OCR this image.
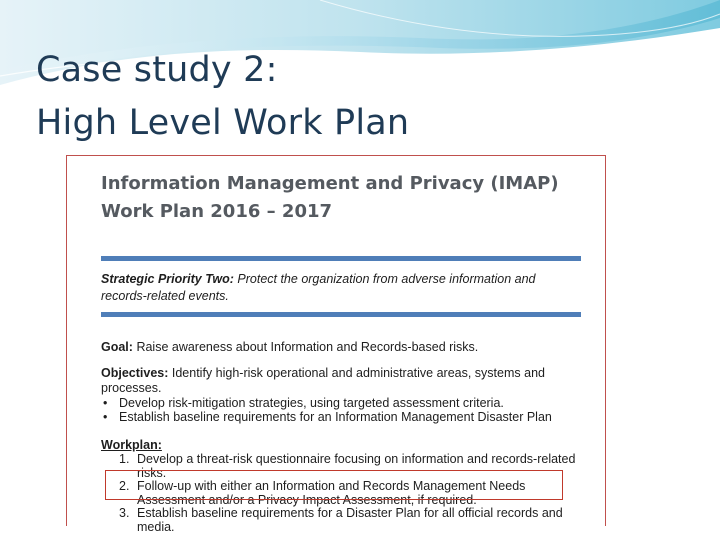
Case study 2:
High Level Work Plan
Information Management and Privacy (IMAP)
Work Plan 2016 – 2017
Strategic Priority Two: Protect the organization from adverse information and records-related events.
Goal: Raise awareness about Information and Records-based risks.
Objectives: Identify high-risk operational and administrative areas, systems and processes.
• Develop risk-mitigation strategies, using targeted assessment criteria.
• Establish baseline requirements for an Information Management Disaster Plan
Workplan:
1. Develop a threat-risk questionnaire focusing on information and records-related risks.
2. Follow-up with either an Information and Records Management Needs Assessment and/or a Privacy Impact Assessment, if required.
3. Establish baseline requirements for a Disaster Plan for all official records and media.
